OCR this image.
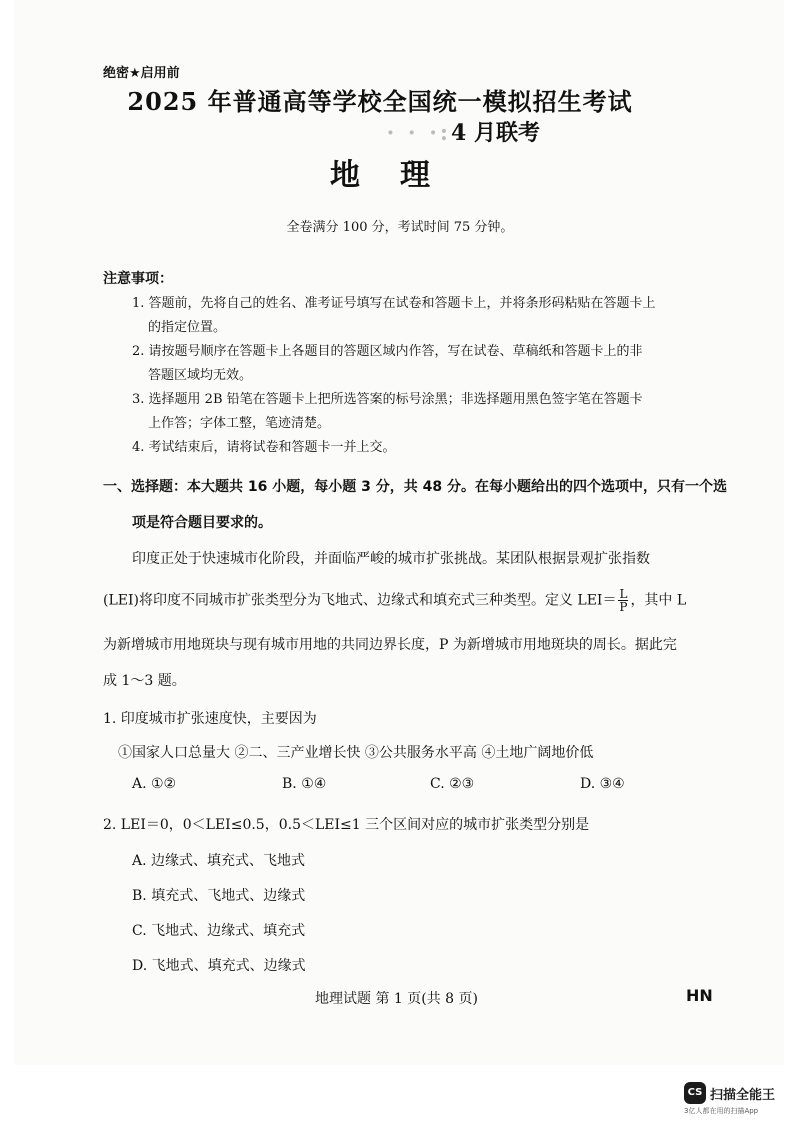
绝密★启用前
2025 年普通高等学校全国统一模拟招生考试
· · ·:4 月联考
地理
全卷满分 100 分，考试时间 75 分钟。
注意事项：
1. 答题前，先将自己的姓名、准考证号填写在试卷和答题卡上，并将条形码粘贴在答题卡上
的指定位置。
2. 请按题号顺序在答题卡上各题目的答题区域内作答，写在试卷、草稿纸和答题卡上的非
答题区域均无效。
3. 选择题用 2B 铅笔在答题卡上把所选答案的标号涂黑；非选择题用黑色签字笔在答题卡
上作答；字体工整，笔迹清楚。
4. 考试结束后，请将试卷和答题卡一并上交。
一、选择题：本大题共 16 小题，每小题 3 分，共 48 分。在每小题给出的四个选项中，只有一个选
项是符合题目要求的。
印度正处于快速城市化阶段，并面临严峻的城市扩张挑战。某团队根据景观扩张指数
(LEI)将印度不同城市扩张类型分为飞地式、边缘式和填充式三种类型。定义 $LEI= \frac{L}{P}$ ，其中 L
为新增城市用地斑块与现有城市用地的共同边界长度，P 为新增城市用地斑块的周长。据此完
成 1～3 题。
1. 印度城市扩张速度快，主要因为
①国家人口总量大 ②二、三产业增长快 ③公共服务水平高 ④土地广阔地价低
A. ①②	B. ①④	C. ②③	D. ③④
2. LEI＝0，0＜LEI≤0.5，0.5＜LEI≤1 三个区间对应的城市扩张类型分别是
A. 边缘式、填充式、飞地式
B. 填充式、飞地式、边缘式
C. 飞地式、边缘式、填充式
D. 飞地式、填充式、边缘式
地理试题 第 1 页(共 8 页)	HN
CS 扫描全能王
3亿人都在用的扫描App
